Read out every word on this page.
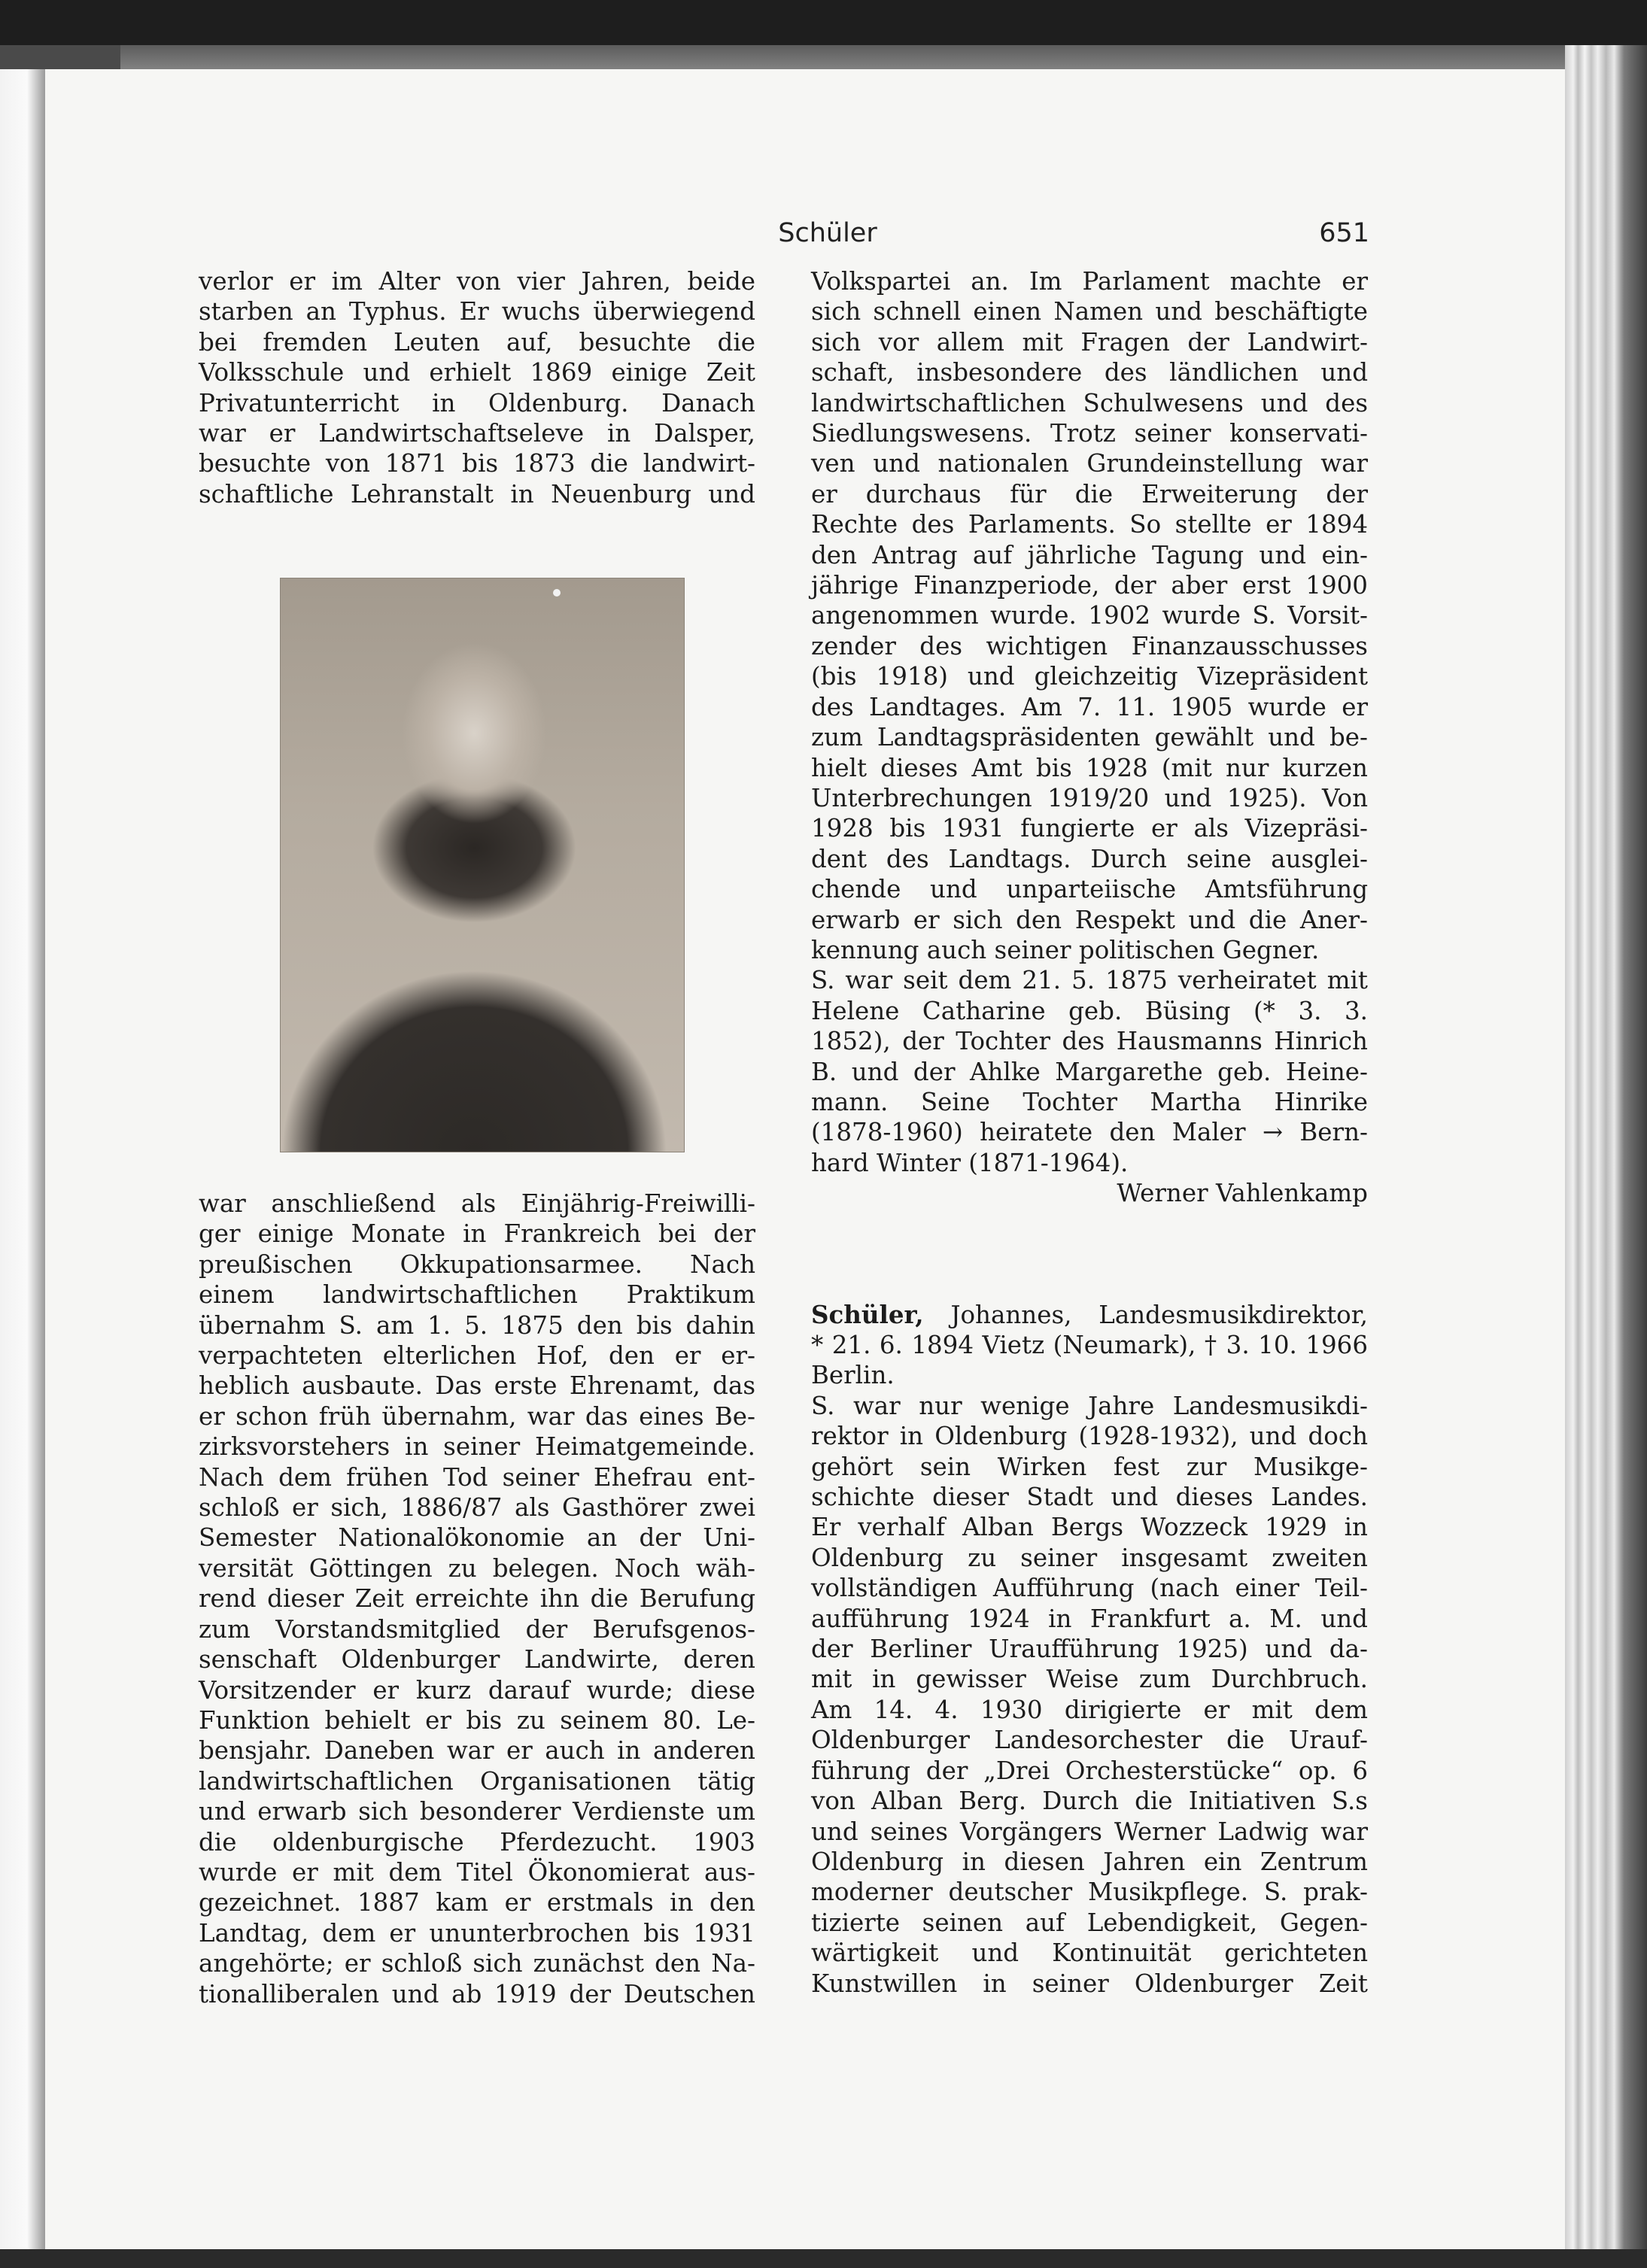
Schüler	651
verlor er im Alter von vier Jahren, beide
starben an Typhus. Er wuchs überwiegend
bei fremden Leuten auf, besuchte die
Volksschule und erhielt 1869 einige Zeit
Privatunterricht in Oldenburg. Danach
war er Landwirtschaftseleve in Dalsper,
besuchte von 1871 bis 1873 die landwirt-
schaftliche Lehranstalt in Neuenburg und
war anschließend als Einjährig-Freiwilli-
ger einige Monate in Frankreich bei der
preußischen Okkupationsarmee. Nach
einem landwirtschaftlichen Praktikum
übernahm S. am 1. 5. 1875 den bis dahin
verpachteten elterlichen Hof, den er er-
heblich ausbaute. Das erste Ehrenamt, das
er schon früh übernahm, war das eines Be-
zirksvorstehers in seiner Heimatgemeinde.
Nach dem frühen Tod seiner Ehefrau ent-
schloß er sich, 1886/87 als Gasthörer zwei
Semester Nationalökonomie an der Uni-
versität Göttingen zu belegen. Noch wäh-
rend dieser Zeit erreichte ihn die Berufung
zum Vorstandsmitglied der Berufsgenos-
senschaft Oldenburger Landwirte, deren
Vorsitzender er kurz darauf wurde; diese
Funktion behielt er bis zu seinem 80. Le-
bensjahr. Daneben war er auch in anderen
landwirtschaftlichen Organisationen tätig
und erwarb sich besonderer Verdienste um
die oldenburgische Pferdezucht. 1903
wurde er mit dem Titel Ökonomierat aus-
gezeichnet. 1887 kam er erstmals in den
Landtag, dem er ununterbrochen bis 1931
angehörte; er schloß sich zunächst den Na-
tionalliberalen und ab 1919 der Deutschen
Volkspartei an. Im Parlament machte er
sich schnell einen Namen und beschäftigte
sich vor allem mit Fragen der Landwirt-
schaft, insbesondere des ländlichen und
landwirtschaftlichen Schulwesens und des
Siedlungswesens. Trotz seiner konservati-
ven und nationalen Grundeinstellung war
er durchaus für die Erweiterung der
Rechte des Parlaments. So stellte er 1894
den Antrag auf jährliche Tagung und ein-
jährige Finanzperiode, der aber erst 1900
angenommen wurde. 1902 wurde S. Vorsit-
zender des wichtigen Finanzausschusses
(bis 1918) und gleichzeitig Vizepräsident
des Landtages. Am 7. 11. 1905 wurde er
zum Landtagspräsidenten gewählt und be-
hielt dieses Amt bis 1928 (mit nur kurzen
Unterbrechungen 1919/20 und 1925). Von
1928 bis 1931 fungierte er als Vizepräsi-
dent des Landtags. Durch seine ausglei-
chende und unparteiische Amtsführung
erwarb er sich den Respekt und die Aner-
kennung auch seiner politischen Gegner.
S. war seit dem 21. 5. 1875 verheiratet mit
Helene Catharine geb. Büsing (* 3. 3.
1852), der Tochter des Hausmanns Hinrich
B. und der Ahlke Margarethe geb. Heine-
mann. Seine Tochter Martha Hinrike
(1878-1960) heiratete den Maler → Bern-
hard Winter (1871-1964).
Werner Vahlenkamp
Schüler, Johannes, Landesmusikdirektor,
* 21. 6. 1894 Vietz (Neumark), † 3. 10. 1966
Berlin.
S. war nur wenige Jahre Landesmusikdi-
rektor in Oldenburg (1928-1932), und doch
gehört sein Wirken fest zur Musikge-
schichte dieser Stadt und dieses Landes.
Er verhalf Alban Bergs Wozzeck 1929 in
Oldenburg zu seiner insgesamt zweiten
vollständigen Aufführung (nach einer Teil-
aufführung 1924 in Frankfurt a. M. und
der Berliner Uraufführung 1925) und da-
mit in gewisser Weise zum Durchbruch.
Am 14. 4. 1930 dirigierte er mit dem
Oldenburger Landesorchester die Urauf-
führung der „Drei Orchesterstücke“ op. 6
von Alban Berg. Durch die Initiativen S.s
und seines Vorgängers Werner Ladwig war
Oldenburg in diesen Jahren ein Zentrum
moderner deutscher Musikpflege. S. prak-
tizierte seinen auf Lebendigkeit, Gegen-
wärtigkeit und Kontinuität gerichteten
Kunstwillen in seiner Oldenburger Zeit
